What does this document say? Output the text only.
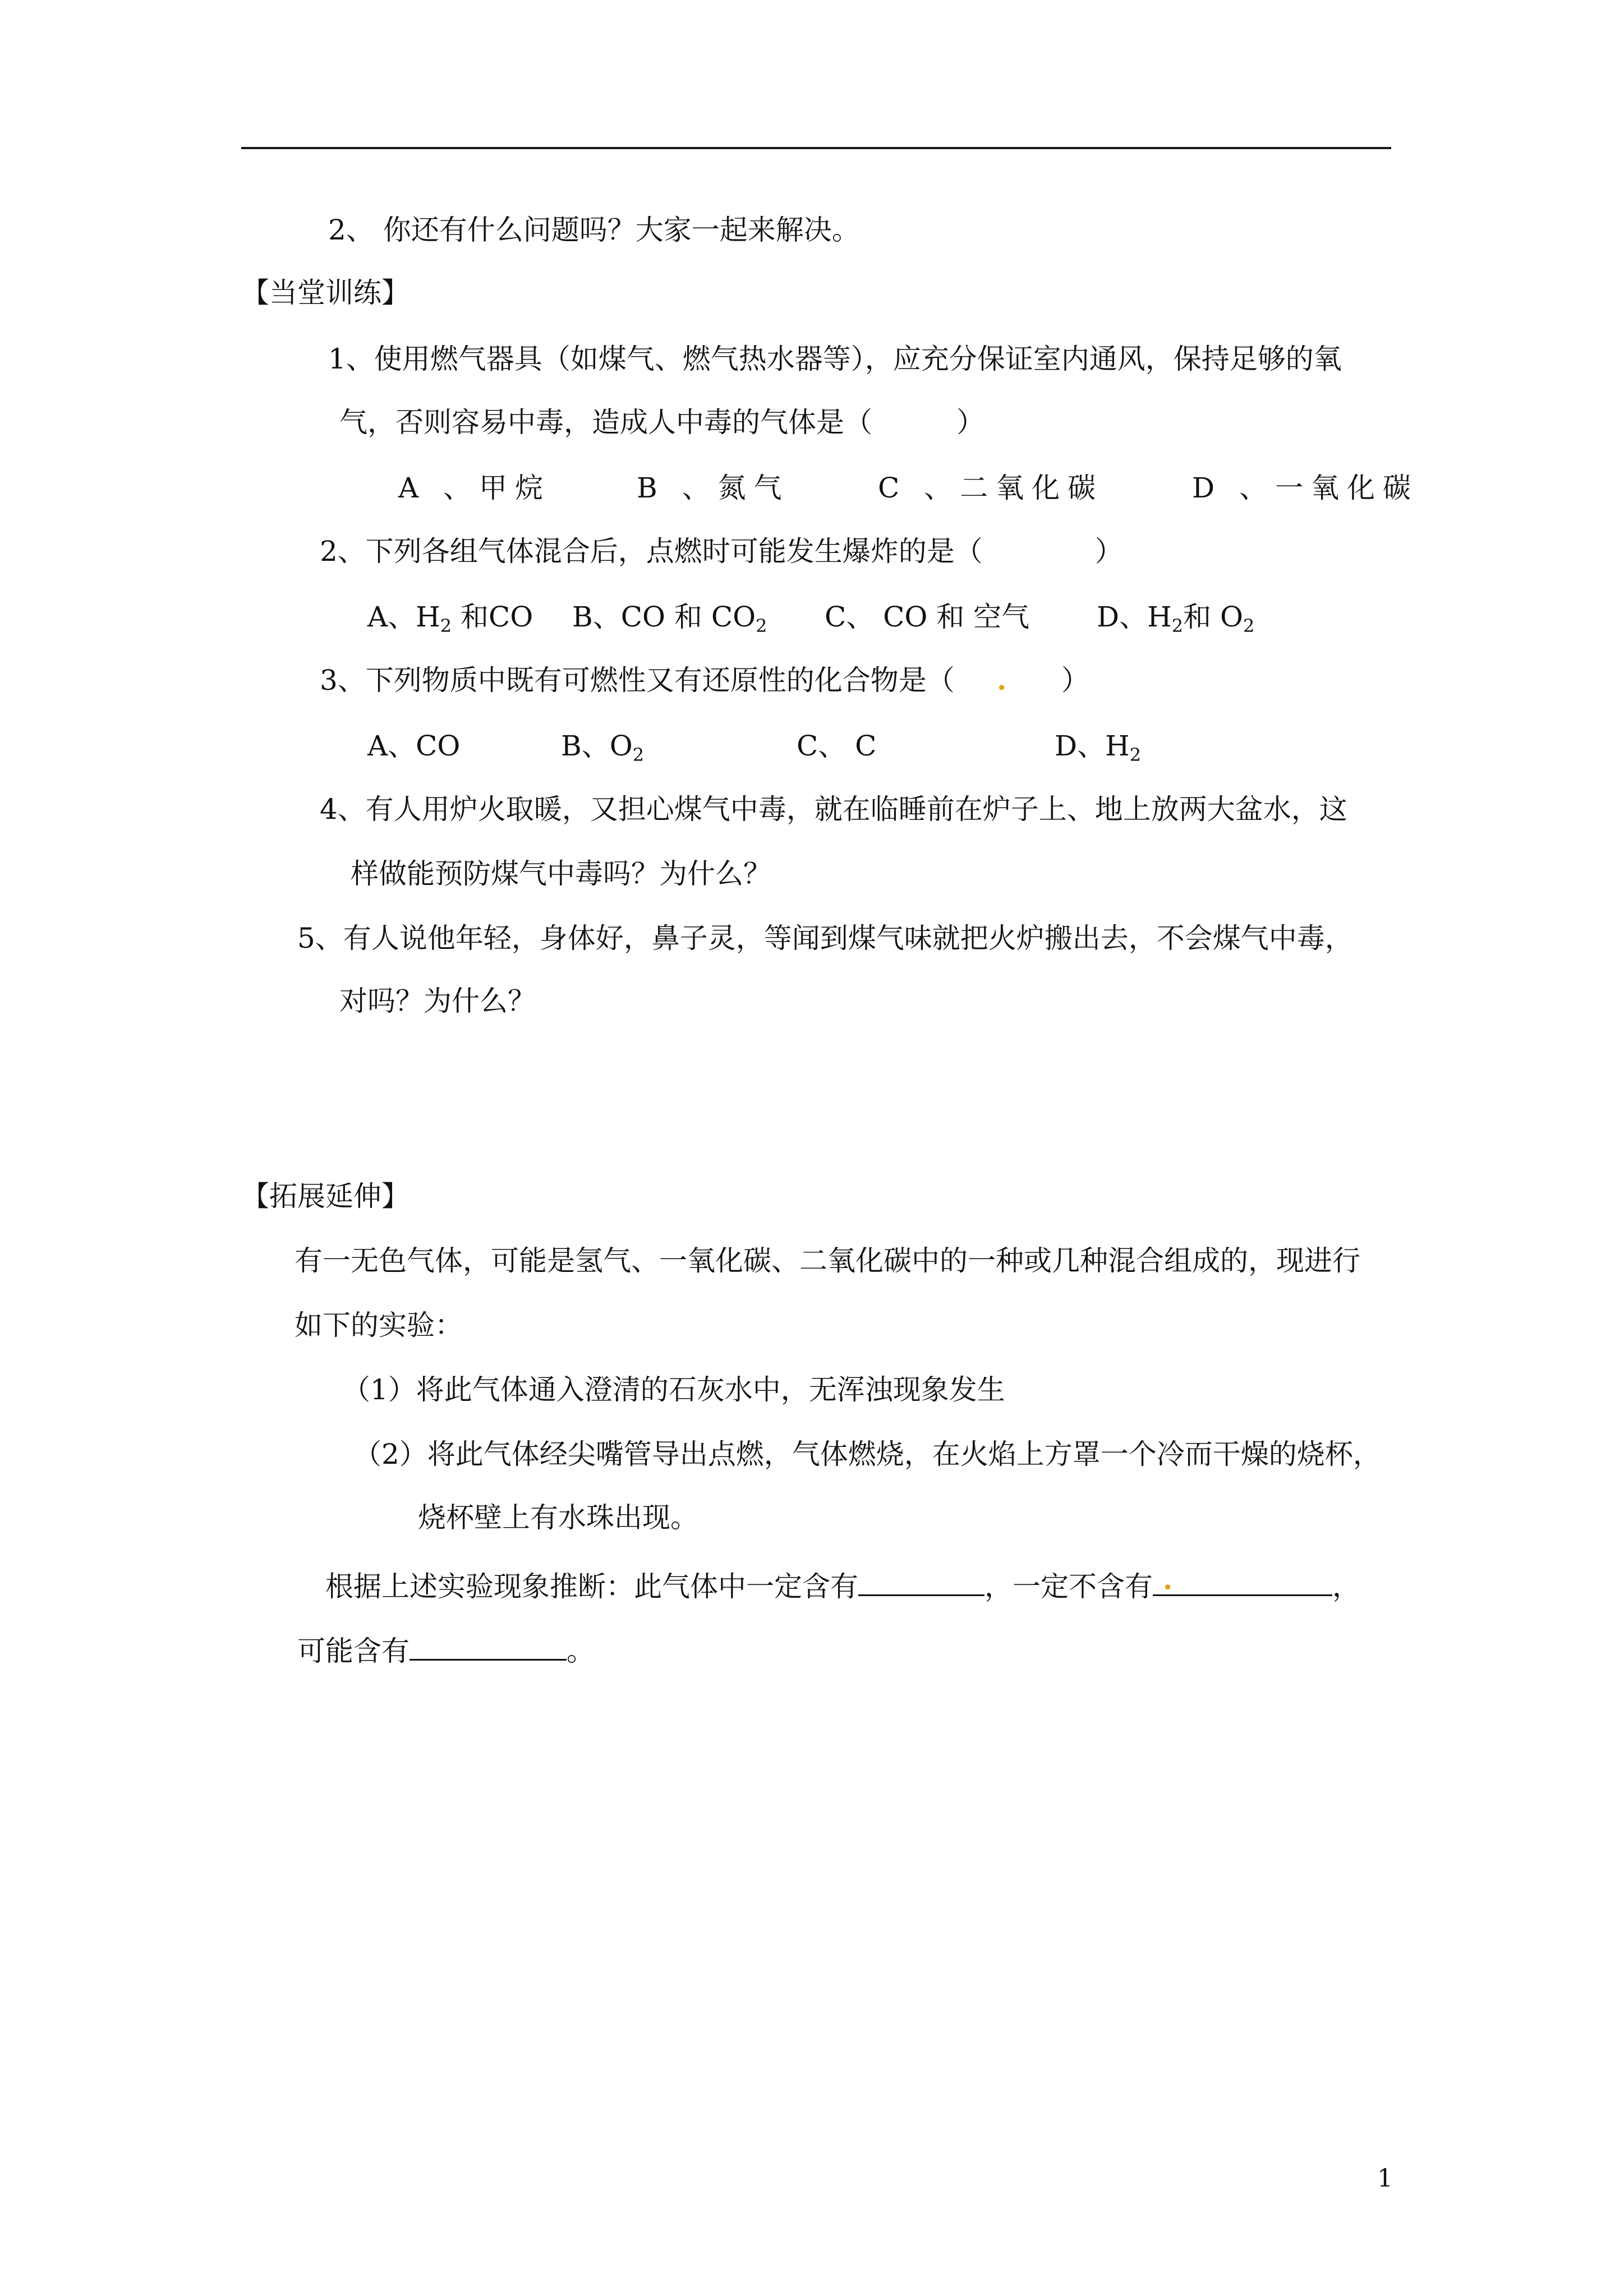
2、 你还有什么问题吗？大家一起来解决。
【当堂训练】
1、使用燃气器具（如煤气、燃气热水器等），应充分保证室内通风，保持足够的氧
气，否则容易中毒，造成人中毒的气体是（　　　）
A 、甲烷	B 、氮气	C 、二氧化碳	D 、一氧化碳
2、下列各组气体混合后，点燃时可能发生爆炸的是（　　　　）
A、$H_2$ 和CO B、CO 和 $CO_2$ C、 CO 和 空气 D、$H_2$和 $O_2$
3、下列物质中既有可燃性又有还原性的化合物是（ . ）
A、CO	B、$O_2$	C、 C	D、$H_2$
4、有人用炉火取暖，又担心煤气中毒，就在临睡前在炉子上、地上放两大盆水，这
样做能预防煤气中毒吗？为什么？
5、有人说他年轻，身体好，鼻子灵，等闻到煤气味就把火炉搬出去，不会煤气中毒，
对吗？为什么？
【拓展延伸】
有一无色气体，可能是氢气、一氧化碳、二氧化碳中的一种或几种混合组成的，现进行
如下的实验：
（1）将此气体通入澄清的石灰水中，无浑浊现象发生
（2）将此气体经尖嘴管导出点燃，气体燃烧，在火焰上方罩一个冷而干燥的烧杯，
烧杯壁上有水珠出现。
根据上述实验现象推断：此气体中一定含有	，一定不含有 .	，
可能含有	。
1
